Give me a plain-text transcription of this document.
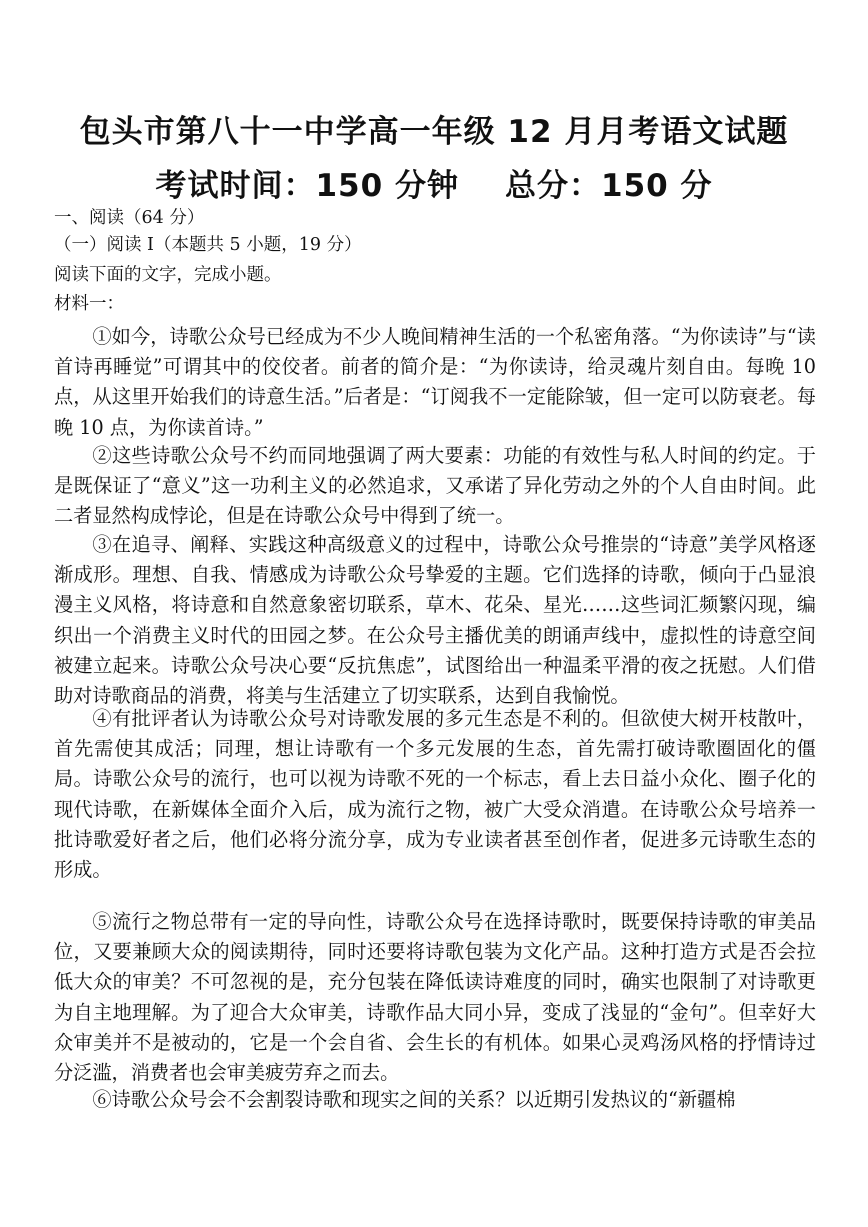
包头市第八十一中学高一年级 12 月月考语文试题
考试时间：150 分钟 总分：150 分
一、阅读（64 分）
（一）阅读 I（本题共 5 小题，19 分）
阅读下面的文字，完成小题。
材料一：
①如今，诗歌公众号已经成为不少人晚间精神生活的一个私密角落。“为你读诗”与“读首诗再睡觉”可谓其中的佼佼者。前者的简介是：“为你读诗，给灵魂片刻自由。每晚 10 点，从这里开始我们的诗意生活。”后者是：“订阅我不一定能除皱，但一定可以防衰老。每晚 10 点，为你读首诗。”
②这些诗歌公众号不约而同地强调了两大要素：功能的有效性与私人时间的约定。于是既保证了“意义”这一功利主义的必然追求，又承诺了异化劳动之外的个人自由时间。此二者显然构成悖论，但是在诗歌公众号中得到了统一。
③在追寻、阐释、实践这种高级意义的过程中，诗歌公众号推崇的“诗意”美学风格逐渐成形。理想、自我、情感成为诗歌公众号挚爱的主题。它们选择的诗歌，倾向于凸显浪漫主义风格，将诗意和自然意象密切联系，草木、花朵、星光……这些词汇频繁闪现，编织出一个消费主义时代的田园之梦。在公众号主播优美的朗诵声线中，虚拟性的诗意空间被建立起来。诗歌公众号决心要“反抗焦虑”，试图给出一种温柔平滑的夜之抚慰。人们借助对诗歌商品的消费，将美与生活建立了切实联系，达到自我愉悦。
④有批评者认为诗歌公众号对诗歌发展的多元生态是不利的。但欲使大树开枝散叶，首先需使其成活；同理，想让诗歌有一个多元发展的生态，首先需打破诗歌圈固化的僵局。诗歌公众号的流行，也可以视为诗歌不死的一个标志，看上去日益小众化、圈子化的现代诗歌，在新媒体全面介入后，成为流行之物，被广大受众消遣。在诗歌公众号培养一批诗歌爱好者之后，他们必将分流分享，成为专业读者甚至创作者，促进多元诗歌生态的形成。
⑤流行之物总带有一定的导向性，诗歌公众号在选择诗歌时，既要保持诗歌的审美品位，又要兼顾大众的阅读期待，同时还要将诗歌包装为文化产品。这种打造方式是否会拉低大众的审美？不可忽视的是，充分包装在降低读诗难度的同时，确实也限制了对诗歌更为自主地理解。为了迎合大众审美，诗歌作品大同小异，变成了浅显的“金句”。但幸好大众审美并不是被动的，它是一个会自省、会生长的有机体。如果心灵鸡汤风格的抒情诗过分泛滥，消费者也会审美疲劳弃之而去。
⑥诗歌公众号会不会割裂诗歌和现实之间的关系？以近期引发热议的“新疆棉
